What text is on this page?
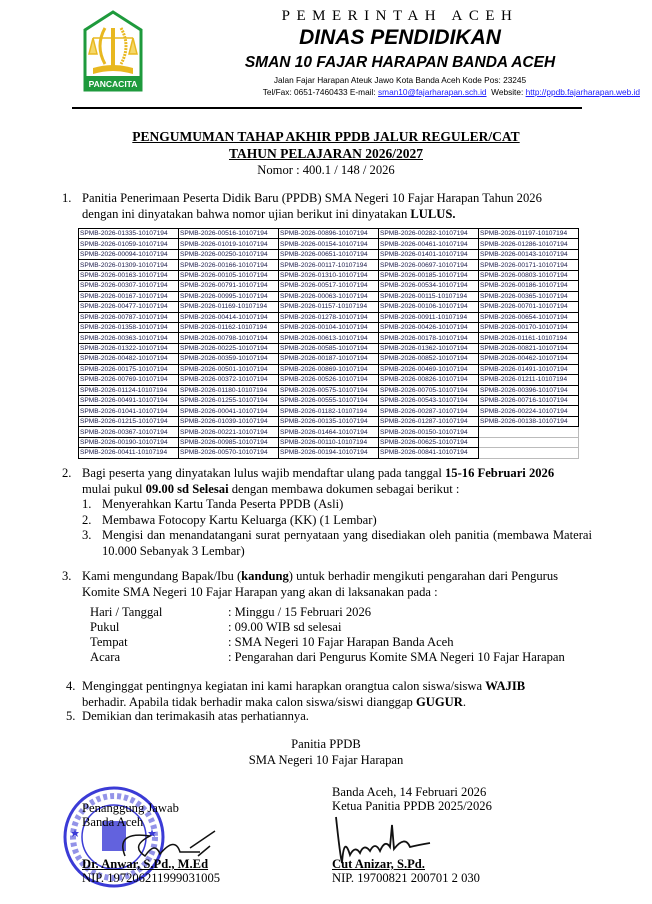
PANCACITA
PEMERINTAH ACEH
DINAS PENDIDIKAN
SMAN 10 FAJAR HARAPAN BANDA ACEH
Jalan Fajar Harapan Ateuk Jawo Kota Banda Aceh Kode Pos: 23245
Tel/Fax: 0651-7460433 E-mail: sman10@fajarharapan.sch.id Website: http://ppdb.fajarharapan.web.id
PENGUMUMAN TAHAP AKHIR PPDB JALUR REGULER/CAT
TAHUN PELAJARAN 2026/2027
Nomor : 400.1 / 148 / 2026
1. Panitia Penerimaan Peserta Didik Baru (PPDB) SMA Negeri 10 Fajar Harapan Tahun 2026
dengan ini dinyatakan bahwa nomor ujian berikut ini dinyatakan LULUS.
SPMB-2026-01335-10107194	SPMB-2026-00516-10107194	SPMB-2026-00896-10107194	SPMB-2026-00282-10107194	SPMB-2026-01197-10107194
SPMB-2026-01059-10107194	SPMB-2026-01019-10107194	SPMB-2026-00154-10107194	SPMB-2026-00461-10107194	SPMB-2026-01286-10107194
SPMB-2026-00094-10107194	SPMB-2026-00250-10107194	SPMB-2026-00651-10107194	SPMB-2026-01401-10107194	SPMB-2026-00143-10107194
SPMB-2026-01309-10107194	SPMB-2026-00166-10107194	SPMB-2026-00117-10107194	SPMB-2026-00697-10107194	SPMB-2026-00171-10107194
SPMB-2026-00163-10107194	SPMB-2026-00105-10107194	SPMB-2026-01310-10107194	SPMB-2026-00185-10107194	SPMB-2026-00803-10107194
SPMB-2026-00307-10107194	SPMB-2026-00791-10107194	SPMB-2026-00517-10107194	SPMB-2026-00534-10107194	SPMB-2026-00186-10107194
SPMB-2026-00167-10107194	SPMB-2026-00995-10107194	SPMB-2026-00063-10107194	SPMB-2026-00115-10107194	SPMB-2026-00365-10107194
SPMB-2026-00477-10107194	SPMB-2026-01169-10107194	SPMB-2026-01157-10107194	SPMB-2026-00106-10107194	SPMB-2026-00701-10107194
SPMB-2026-00787-10107194	SPMB-2026-00414-10107194	SPMB-2026-01278-10107194	SPMB-2026-00911-10107194	SPMB-2026-00654-10107194
SPMB-2026-01358-10107194	SPMB-2026-01162-10107194	SPMB-2026-00104-10107194	SPMB-2026-00426-10107194	SPMB-2026-00170-10107194
SPMB-2026-00363-10107194	SPMB-2026-00798-10107194	SPMB-2026-00613-10107194	SPMB-2026-00178-10107194	SPMB-2026-01161-10107194
SPMB-2026-01322-10107194	SPMB-2026-00225-10107194	SPMB-2026-00585-10107194	SPMB-2026-01362-10107194	SPMB-2026-00821-10107194
SPMB-2026-00482-10107194	SPMB-2026-00359-10107194	SPMB-2026-00187-10107194	SPMB-2026-00852-10107194	SPMB-2026-00462-10107194
SPMB-2026-00175-10107194	SPMB-2026-00501-10107194	SPMB-2026-00869-10107194	SPMB-2026-00469-10107194	SPMB-2026-01491-10107194
SPMB-2026-00769-10107194	SPMB-2026-00372-10107194	SPMB-2026-00526-10107194	SPMB-2026-00826-10107194	SPMB-2026-01211-10107194
SPMB-2026-01124-10107194	SPMB-2026-01180-10107194	SPMB-2026-00575-10107194	SPMB-2026-00705-10107194	SPMB-2026-00396-10107194
SPMB-2026-00491-10107194	SPMB-2026-01255-10107194	SPMB-2026-00555-10107194	SPMB-2026-00543-10107194	SPMB-2026-00716-10107194
SPMB-2026-01041-10107194	SPMB-2026-00041-10107194	SPMB-2026-01182-10107194	SPMB-2026-00287-10107194	SPMB-2026-00224-10107194
SPMB-2026-01215-10107194	SPMB-2026-01039-10107194	SPMB-2026-00135-10107194	SPMB-2026-01287-10107194	SPMB-2026-00138-10107194
SPMB-2026-00367-10107194	SPMB-2026-00221-10107194	SPMB-2026-01464-10107194	SPMB-2026-00150-10107194	
SPMB-2026-00190-10107194	SPMB-2026-00985-10107194	SPMB-2026-00110-10107194	SPMB-2026-00625-10107194	
SPMB-2026-00411-10107194	SPMB-2026-00570-10107194	SPMB-2026-00194-10107194	SPMB-2026-00841-10107194	
2. Bagi peserta yang dinyatakan lulus wajib mendaftar ulang pada tanggal 15-16 Februari 2026
mulai pukul 09.00 sd Selesai dengan membawa dokumen sebagai berikut :
1. Menyerahkan Kartu Tanda Peserta PPDB (Asli)
2. Membawa Fotocopy Kartu Keluarga (KK) (1 Lembar)
3. Mengisi dan menandatangani surat pernyataan yang disediakan oleh panitia (membawa Materai 10.000 Sebanyak 3 Lembar)
3. Kami mengundang Bapak/Ibu (kandung) untuk berhadir mengikuti pengarahan dari Pengurus
Komite SMA Negeri 10 Fajar Harapan yang akan di laksanakan pada :
Hari / Tanggal	: Minggu / 15 Februari 2026
Pukul	: 09.00 WIB sd selesai
Tempat	: SMA Negeri 10 Fajar Harapan Banda Aceh
Acara	: Pengarahan dari Pengurus Komite SMA Negeri 10 Fajar Harapan
4. Menginggat pentingnya kegiatan ini kami harapkan orangtua calon siswa/siswa WAJIB
berhadir. Apabila tidak berhadir maka calon siswa/siswi dianggap GUGUR.
5. Demikian dan terimakasih atas perhatiannya.
Panitia PPDB
SMA Negeri 10 Fajar Harapan
Banda Aceh, 14 Februari 2026
Ketua Panitia PPDB 2025/2026
Penanggung Jawab
Banda Aceh
Dr. Anwar, S.Pd., M.Ed
NIP. 197206211999031005
Cut Anizar, S.Pd.
NIP. 19700821 200701 2 030
